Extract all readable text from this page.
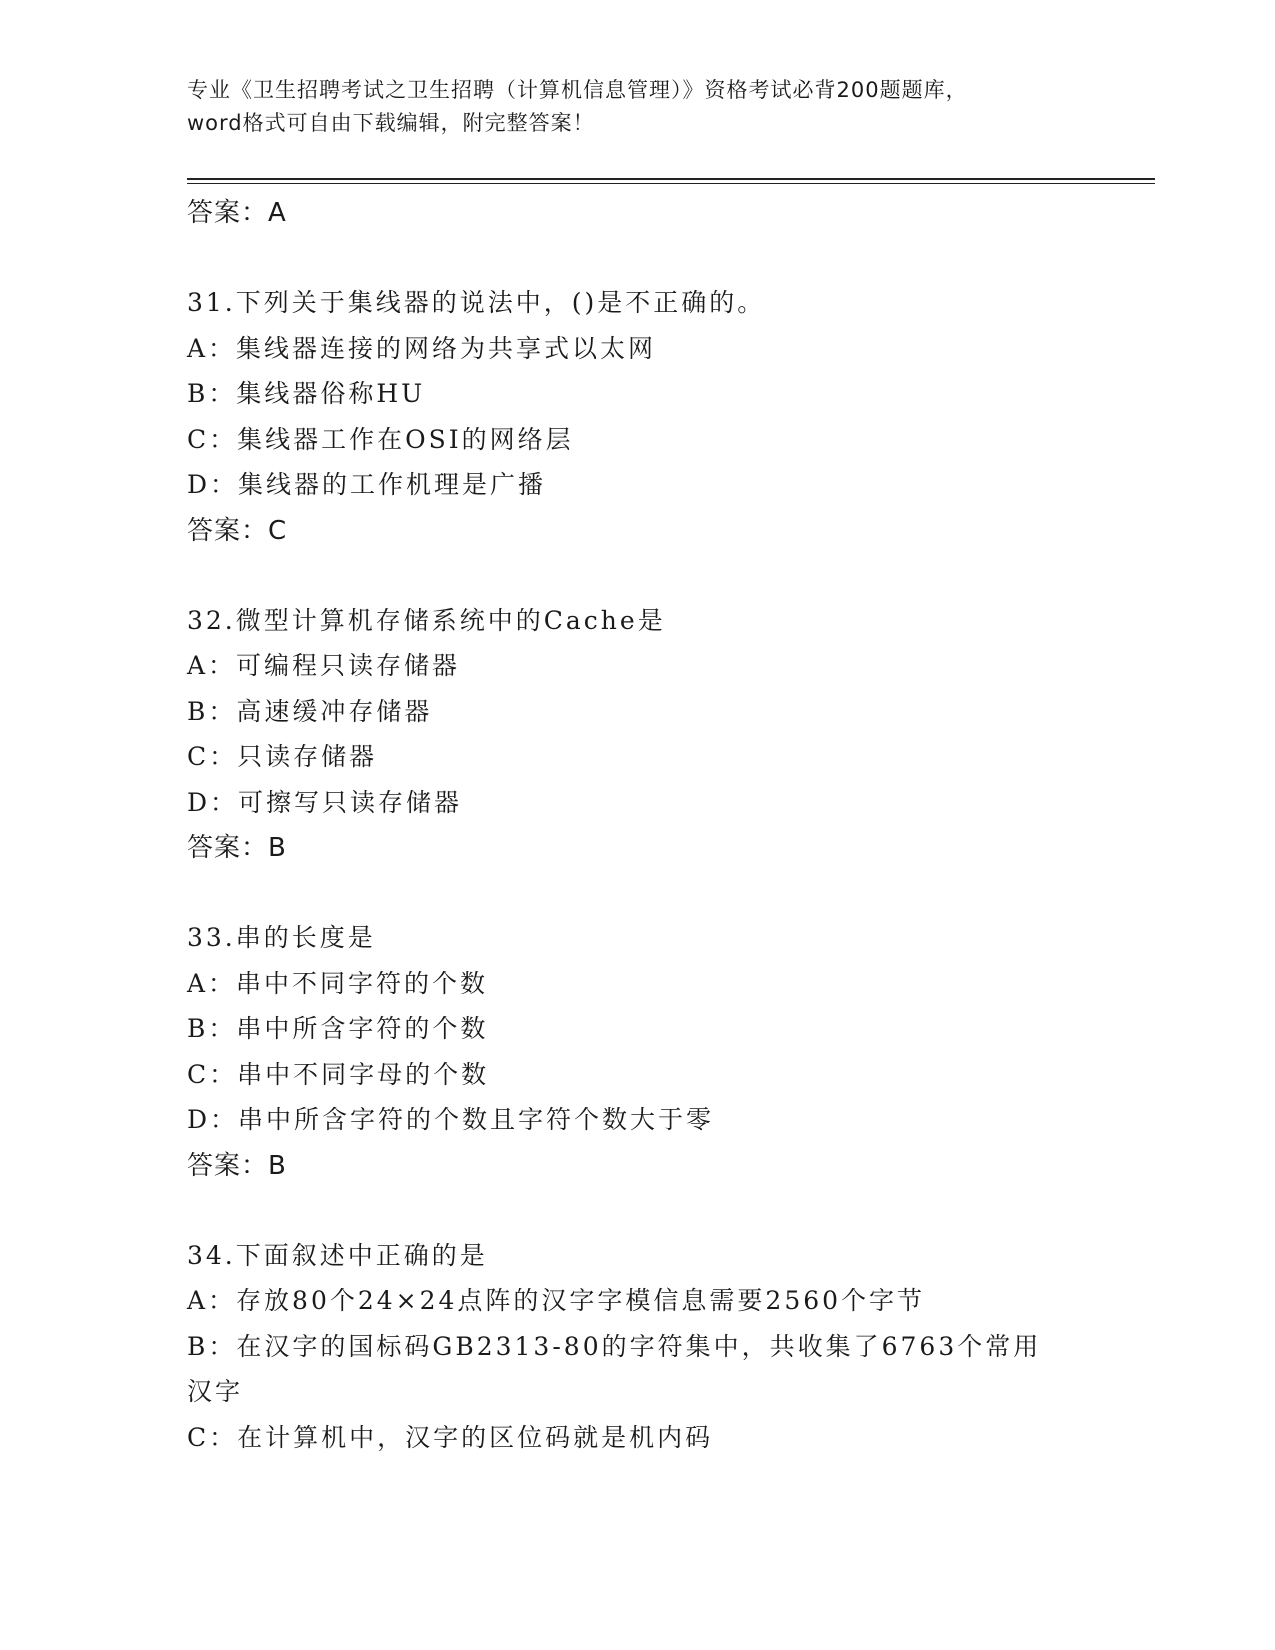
专业《卫生招聘考试之卫生招聘（计算机信息管理）》资格考试必背200题题库，
word格式可自由下载编辑，附完整答案！
答案：A
31.下列关于集线器的说法中，()是不正确的。
A：集线器连接的网络为共享式以太网
B：集线器俗称HU
C：集线器工作在OSI的网络层
D：集线器的工作机理是广播
答案：C
32.微型计算机存储系统中的Cache是
A：可编程只读存储器
B：高速缓冲存储器
C：只读存储器
D：可擦写只读存储器
答案：B
33.串的长度是
A：串中不同字符的个数
B：串中所含字符的个数
C：串中不同字母的个数
D：串中所含字符的个数且字符个数大于零
答案：B
34.下面叙述中正确的是
A：存放80个24×24点阵的汉字字模信息需要2560个字节
B：在汉字的国标码GB2313-80的字符集中，共收集了6763个常用汉字
C：在计算机中，汉字的区位码就是机内码
